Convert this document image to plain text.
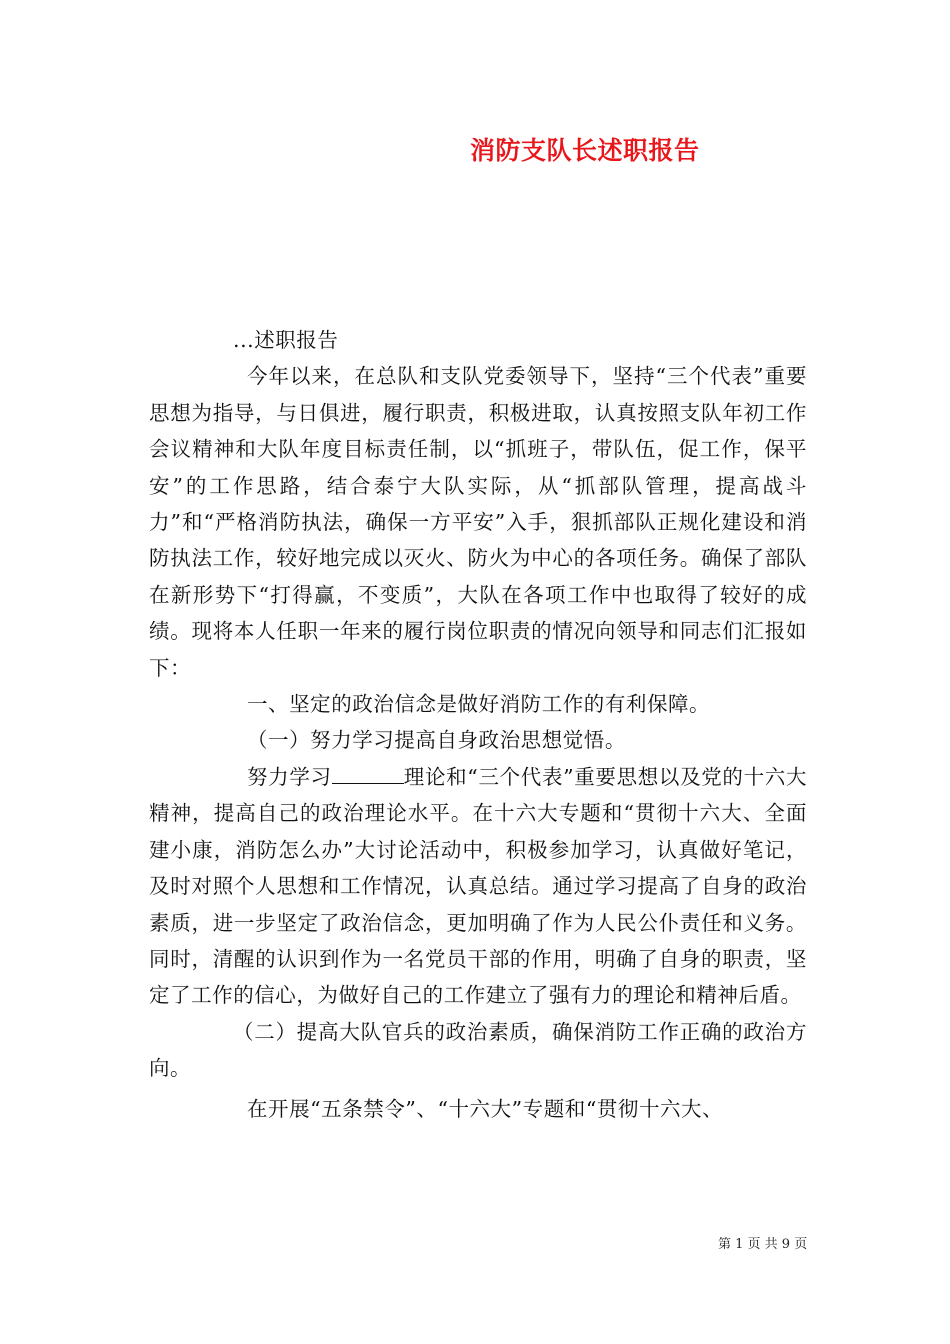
消防支队长述职报告

...述职报告

今年以来，在总队和支队党委领导下，坚持“三个代表”重要思想为指导，与日俱进，履行职责，积极进取，认真按照支队年初工作会议精神和大队年度目标责任制，以“抓班子，带队伍，促工作，保平安”的工作思路，结合泰宁大队实际，从“抓部队管理，提高战斗力”和“严格消防执法，确保一方平安”入手，狠抓部队正规化建设和消防执法工作，较好地完成以灭火、防火为中心的各项任务。确保了部队在新形势下“打得赢，不变质”，大队在各项工作中也取得了较好的成绩。现将本人任职一年来的履行岗位职责的情况向领导和同志们汇报如下：

一、坚定的政治信念是做好消防工作的有利保障。

（一）努力学习提高自身政治思想觉悟。

努力学习	理论和“三个代表”重要思想以及党的十六大精神，提高自己的政治理论水平。在十六大专题和“贯彻十六大、全面建小康，消防怎么办”大讨论活动中，积极参加学习，认真做好笔记，及时对照个人思想和工作情况，认真总结。通过学习提高了自身的政治素质，进一步坚定了政治信念，更加明确了作为人民公仆责任和义务。同时，清醒的认识到作为一名党员干部的作用，明确了自身的职责，坚定了工作的信心，为做好自己的工作建立了强有力的理论和精神后盾。

（二）提高大队官兵的政治素质，确保消防工作正确的政治方向。

在开展“五条禁令”、“十六大”专题和“贯彻十六大、

第 1 页 共 9 页
